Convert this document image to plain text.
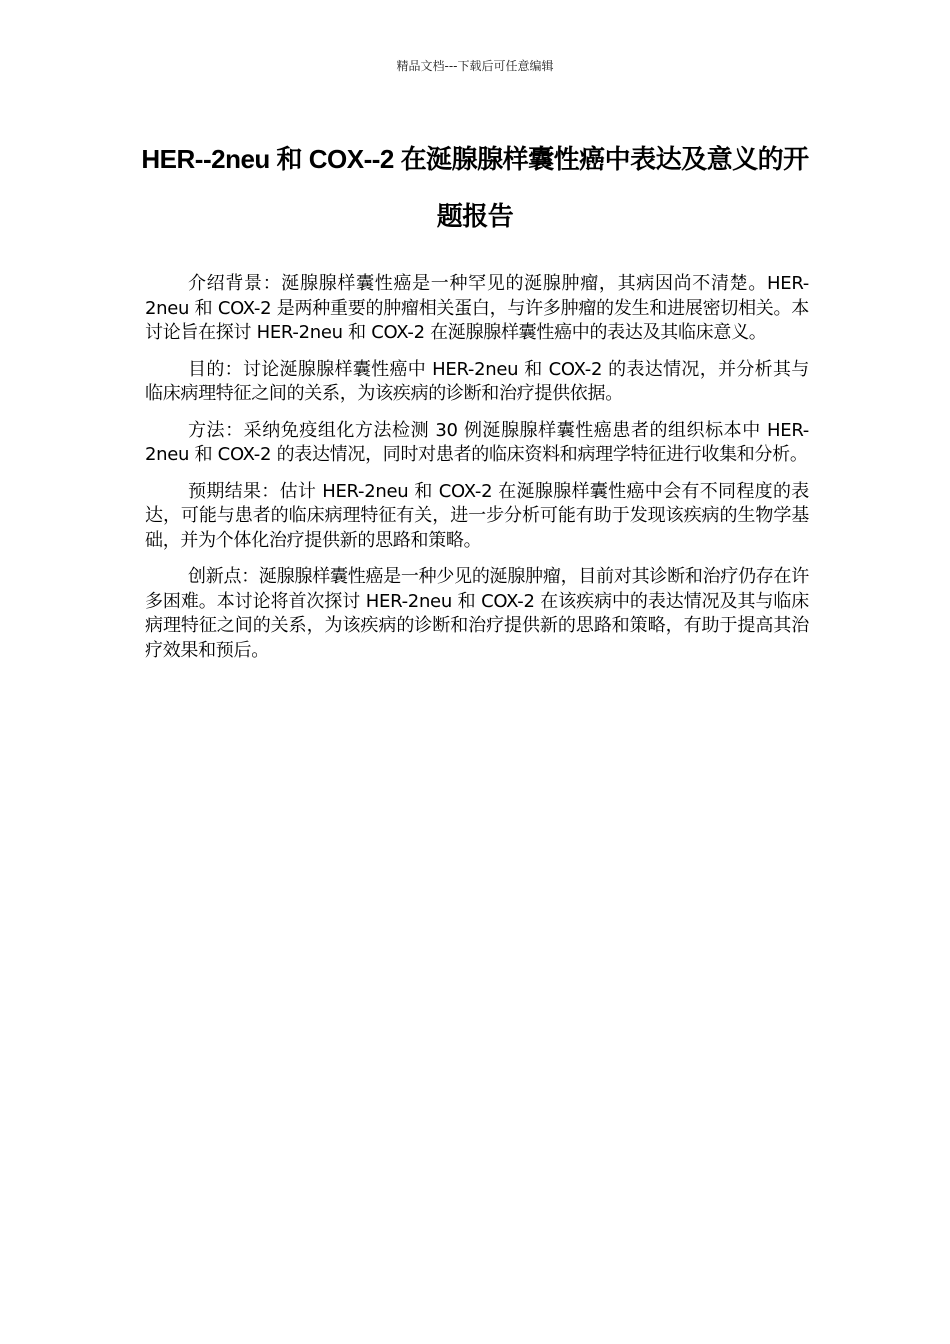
精品文档---下载后可任意编辑
HER--2neu 和 COX--2 在涎腺腺样囊性癌中表达及意义的开题报告

介绍背景：涎腺腺样囊性癌是一种罕见的涎腺肿瘤，其病因尚不清楚。HER-2neu 和 COX-2 是两种重要的肿瘤相关蛋白，与许多肿瘤的发生和进展密切相关。本讨论旨在探讨 HER-2neu 和 COX-2 在涎腺腺样囊性癌中的表达及其临床意义。

目的：讨论涎腺腺样囊性癌中 HER-2neu 和 COX-2 的表达情况，并分析其与临床病理特征之间的关系，为该疾病的诊断和治疗提供依据。

方法：采纳免疫组化方法检测 30 例涎腺腺样囊性癌患者的组织标本中 HER-2neu 和 COX-2 的表达情况，同时对患者的临床资料和病理学特征进行收集和分析。

预期结果：估计 HER-2neu 和 COX-2 在涎腺腺样囊性癌中会有不同程度的表达，可能与患者的临床病理特征有关，进一步分析可能有助于发现该疾病的生物学基础，并为个体化治疗提供新的思路和策略。

创新点：涎腺腺样囊性癌是一种少见的涎腺肿瘤，目前对其诊断和治疗仍存在许多困难。本讨论将首次探讨 HER-2neu 和 COX-2 在该疾病中的表达情况及其与临床病理特征之间的关系，为该疾病的诊断和治疗提供新的思路和策略，有助于提高其治疗效果和预后。
